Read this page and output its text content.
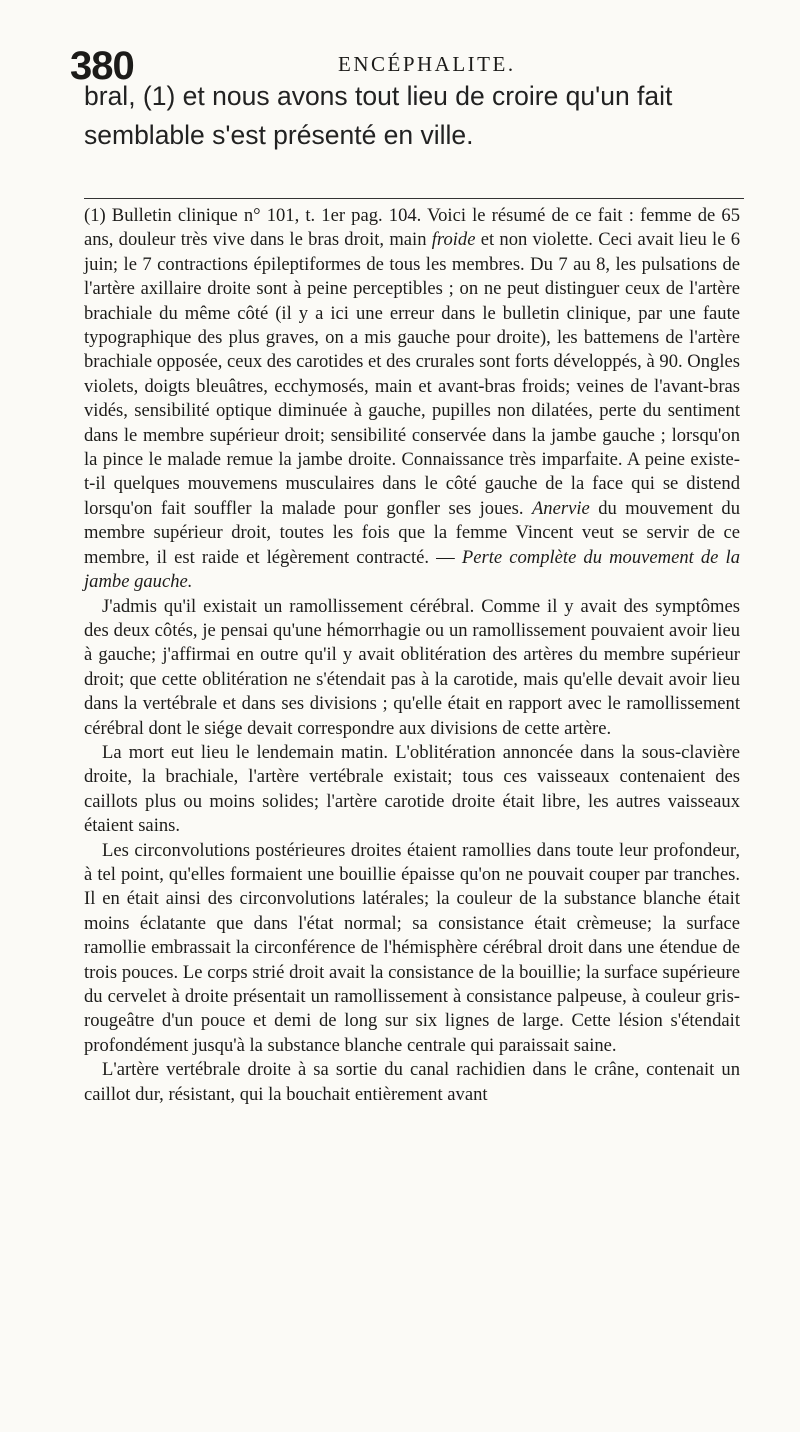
380	ENCÉPHALITE.

bral, (1) et nous avons tout lieu de croire qu'un fait semblable s'est présenté en ville.

(1) Bulletin clinique n° 101, t. 1er pag. 104. Voici le résumé de ce fait : femme de 65 ans, douleur très vive dans le bras droit, main froide et non violette. Ceci avait lieu le 6 juin; le 7 contractions épileptiformes de tous les membres. Du 7 au 8, les pulsations de l'artère axillaire droite sont à peine perceptibles ; on ne peut distinguer ceux de l'artère brachiale du même côté (il y a ici une erreur dans le bulletin clinique, par une faute typographique des plus graves, on a mis gauche pour droite), les battemens de l'artère brachiale opposée, ceux des carotides et des crurales sont forts développés, à 90. Ongles violets, doigts bleuâtres, ecchymosés, main et avant-bras froids; veines de l'avant-bras vidés, sensibilité optique diminuée à gauche, pupilles non dilatées, perte du sentiment dans le membre supérieur droit; sensibilité conservée dans la jambe gauche ; lorsqu'on la pince le malade remue la jambe droite. Connaissance très imparfaite. A peine existe-t-il quelques mouvemens musculaires dans le côté gauche de la face qui se distend lorsqu'on fait souffler la malade pour gonfler ses joues. Anervie du mouvement du membre supérieur droit, toutes les fois que la femme Vincent veut se servir de ce membre, il est raide et légèrement contracté. — Perte complète du mouvement de la jambe gauche.

J'admis qu'il existait un ramollissement cérébral. Comme il y avait des symptômes des deux côtés, je pensai qu'une hémorrhagie ou un ramollissement pouvaient avoir lieu à gauche; j'affirmai en outre qu'il y avait oblitération des artères du membre supérieur droit; que cette oblitération ne s'étendait pas à la carotide, mais qu'elle devait avoir lieu dans la vertébrale et dans ses divisions ; qu'elle était en rapport avec le ramollissement cérébral dont le siége devait correspondre aux divisions de cette artère.

La mort eut lieu le lendemain matin. L'oblitération annoncée dans la sous-clavière droite, la brachiale, l'artère vertébrale existait; tous ces vaisseaux contenaient des caillots plus ou moins solides; l'artère carotide droite était libre, les autres vaisseaux étaient sains.

Les circonvolutions postérieures droites étaient ramollies dans toute leur profondeur, à tel point, qu'elles formaient une bouillie épaisse qu'on ne pouvait couper par tranches. Il en était ainsi des circonvolutions latérales; la couleur de la substance blanche était moins éclatante que dans l'état normal; sa consistance était crèmeuse; la surface ramollie embrassait la circonférence de l'hémisphère cérébral droit dans une étendue de trois pouces. Le corps strié droit avait la consistance de la bouillie; la surface supérieure du cervelet à droite présentait un ramollissement à consistance palpeuse, à couleur gris-rougeâtre d'un pouce et demi de long sur six lignes de large. Cette lésion s'étendait profondément jusqu'à la substance blanche centrale qui paraissait saine.

L'artère vertébrale droite à sa sortie du canal rachidien dans le crâne, contenait un caillot dur, résistant, qui la bouchait entièrement avant
